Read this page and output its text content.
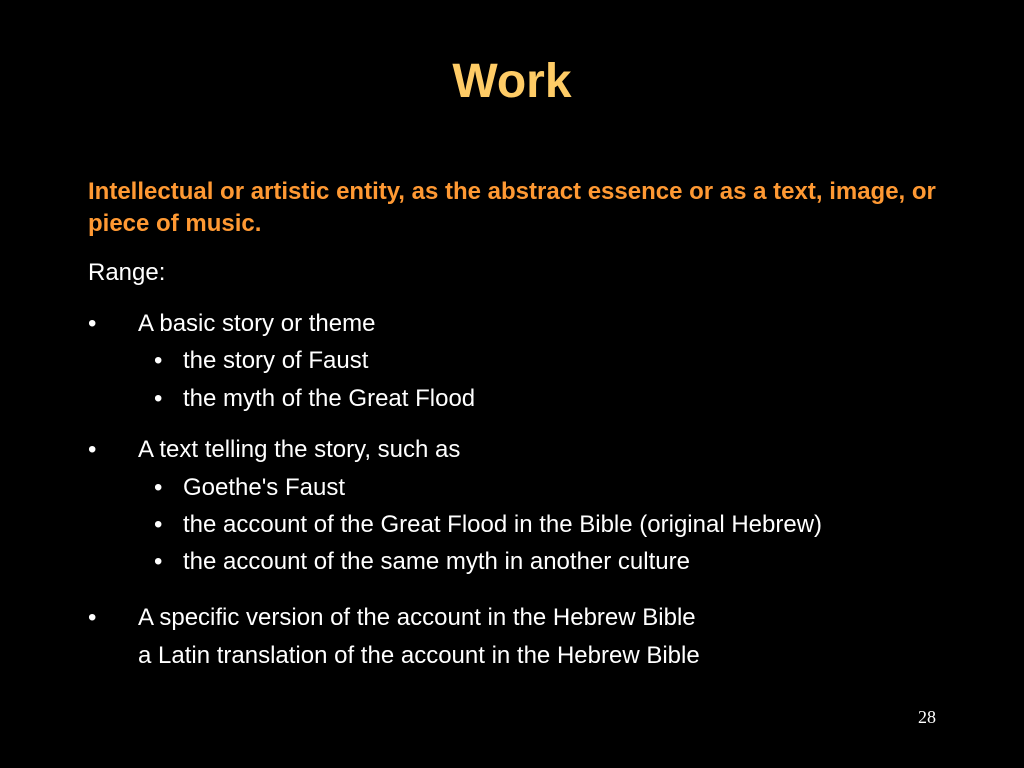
Work
Intellectual or artistic entity, as the abstract essence or as a text, image, or piece of music.
Range:
• A basic story or theme
• the story of Faust
• the myth of the Great Flood
• A text telling the story, such as
• Goethe's Faust
• the account of the Great Flood in the Bible (original Hebrew)
• the account of the same myth in another culture
• A specific version of the account in the Hebrew Bible
a Latin translation of the account in the Hebrew Bible
28
